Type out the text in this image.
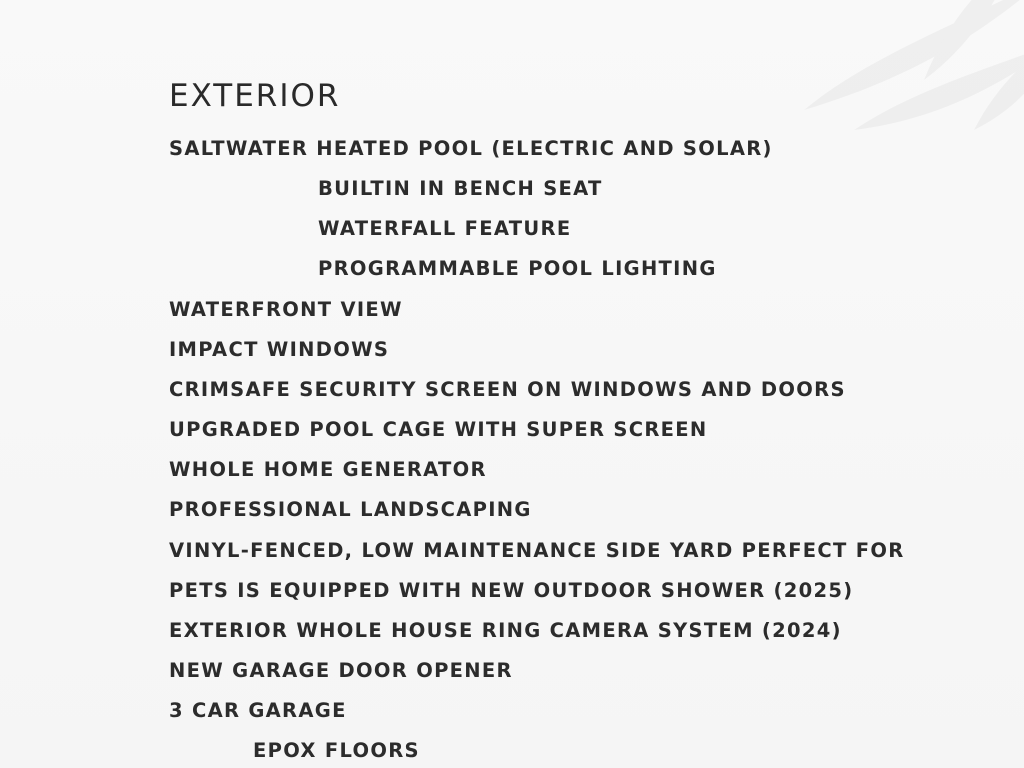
EXTERIOR
SALTWATER HEATED POOL (ELECTRIC AND SOLAR)
BUILTIN IN BENCH SEAT
WATERFALL FEATURE
PROGRAMMABLE POOL LIGHTING
WATERFRONT VIEW
IMPACT WINDOWS
CRIMSAFE SECURITY SCREEN ON WINDOWS AND DOORS
UPGRADED POOL CAGE WITH SUPER SCREEN
WHOLE HOME GENERATOR
PROFESSIONAL LANDSCAPING
VINYL-FENCED, LOW MAINTENANCE SIDE YARD PERFECT FOR
PETS IS EQUIPPED WITH NEW OUTDOOR SHOWER (2025)
EXTERIOR WHOLE HOUSE RING CAMERA SYSTEM (2024)
NEW GARAGE DOOR OPENER
3 CAR GARAGE
EPOX FLOORS
